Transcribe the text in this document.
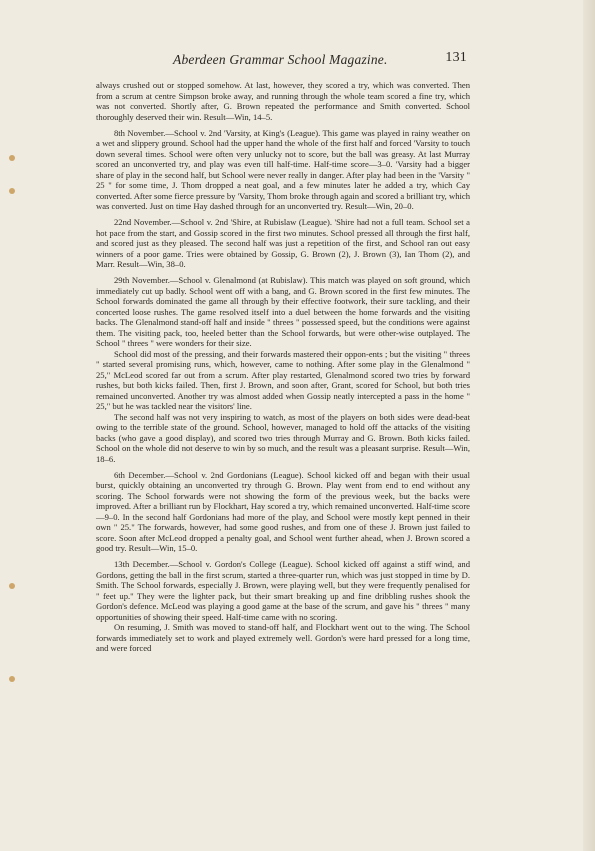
Aberdeen Grammar School Magazine.	131

always crushed out or stopped somehow. At last, however, they scored a try, which was converted. Then from a scrum at centre Simpson broke away, and running through the whole team scored a fine try, which was not converted. Shortly after, G. Brown repeated the performance and Smith converted. School thoroughly deserved their win. Result—Win, 14–5.

8th November.—School v. 2nd 'Varsity, at King's (League). This game was played in rainy weather on a wet and slippery ground. School had the upper hand the whole of the first half and forced 'Varsity to touch down several times. School were often very unlucky not to score, but the ball was greasy. At last Murray scored an unconverted try, and play was even till half-time. Half-time score—3–0. 'Varsity had a bigger share of play in the second half, but School were never really in danger. After play had been in the 'Varsity " 25 " for some time, J. Thom dropped a neat goal, and a few minutes later he added a try, which Cay converted. After some fierce pressure by 'Varsity, Thom broke through again and scored a brilliant try, which was converted. Just on time Hay dashed through for an unconverted try. Result—Win, 20–0.

22nd November.—School v. 2nd 'Shire, at Rubislaw (League). 'Shire had not a full team. School set a hot pace from the start, and Gossip scored in the first two minutes. School pressed all through the first half, and scored just as they pleased. The second half was just a repetition of the first, and School ran out easy winners of a poor game. Tries were obtained by Gossip, G. Brown (2), J. Brown (3), Ian Thom (2), and Marr. Result—Win, 38–0.

29th November.—School v. Glenalmond (at Rubislaw). This match was played on soft ground, which immediately cut up badly. School went off with a bang, and G. Brown scored in the first few minutes. The School forwards dominated the game all through by their effective footwork, their sure tackling, and their concerted loose rushes. The game resolved itself into a duel between the home forwards and the visiting backs. The Glenalmond stand-off half and inside " threes " possessed speed, but the conditions were against them. The visiting pack, too, heeled better than the School forwards, but were other-wise outplayed. The School " threes " were wonders for their size.

School did most of the pressing, and their forwards mastered their oppon-ents ; but the visiting " threes " started several promising runs, which, however, came to nothing. After some play in the Glenalmond " 25," McLeod scored far out from a scrum. After play restarted, Glenalmond scored two tries by forward rushes, but both kicks failed. Then, first J. Brown, and soon after, Grant, scored for School, but both tries remained unconverted. Another try was almost added when Gossip neatly intercepted a pass in the home " 25," but he was tackled near the visitors' line.

The second half was not very inspiring to watch, as most of the players on both sides were dead-beat owing to the terrible state of the ground. School, however, managed to hold off the attacks of the visiting backs (who gave a good display), and scored two tries through Murray and G. Brown. Both kicks failed. School on the whole did not deserve to win by so much, and the result was a pleasant surprise. Result—Win, 18–6.

6th December.—School v. 2nd Gordonians (League). School kicked off and began with their usual burst, quickly obtaining an unconverted try through G. Brown. Play went from end to end without any scoring. The School forwards were not showing the form of the previous week, but the backs were improved. After a brilliant run by Flockhart, Hay scored a try, which remained unconverted. Half-time score—9–0. In the second half Gordonians had more of the play, and School were mostly kept penned in their own " 25." The forwards, however, had some good rushes, and from one of these J. Brown just failed to score. Soon after McLeod dropped a penalty goal, and School went further ahead, when J. Brown scored a good try. Result—Win, 15–0.

13th December.—School v. Gordon's College (League). School kicked off against a stiff wind, and Gordons, getting the ball in the first scrum, started a three-quarter run, which was just stopped in time by D. Smith. The School forwards, especially J. Brown, were playing well, but they were frequently penalised for " feet up." They were the lighter pack, but their smart breaking up and fine dribbling rushes shook the Gordon's defence. McLeod was playing a good game at the base of the scrum, and gave his " threes " many opportunities of showing their speed. Half-time came with no scoring.

On resuming, J. Smith was moved to stand-off half, and Flockhart went out to the wing. The School forwards immediately set to work and played extremely well. Gordon's were hard pressed for a long time, and were forced
